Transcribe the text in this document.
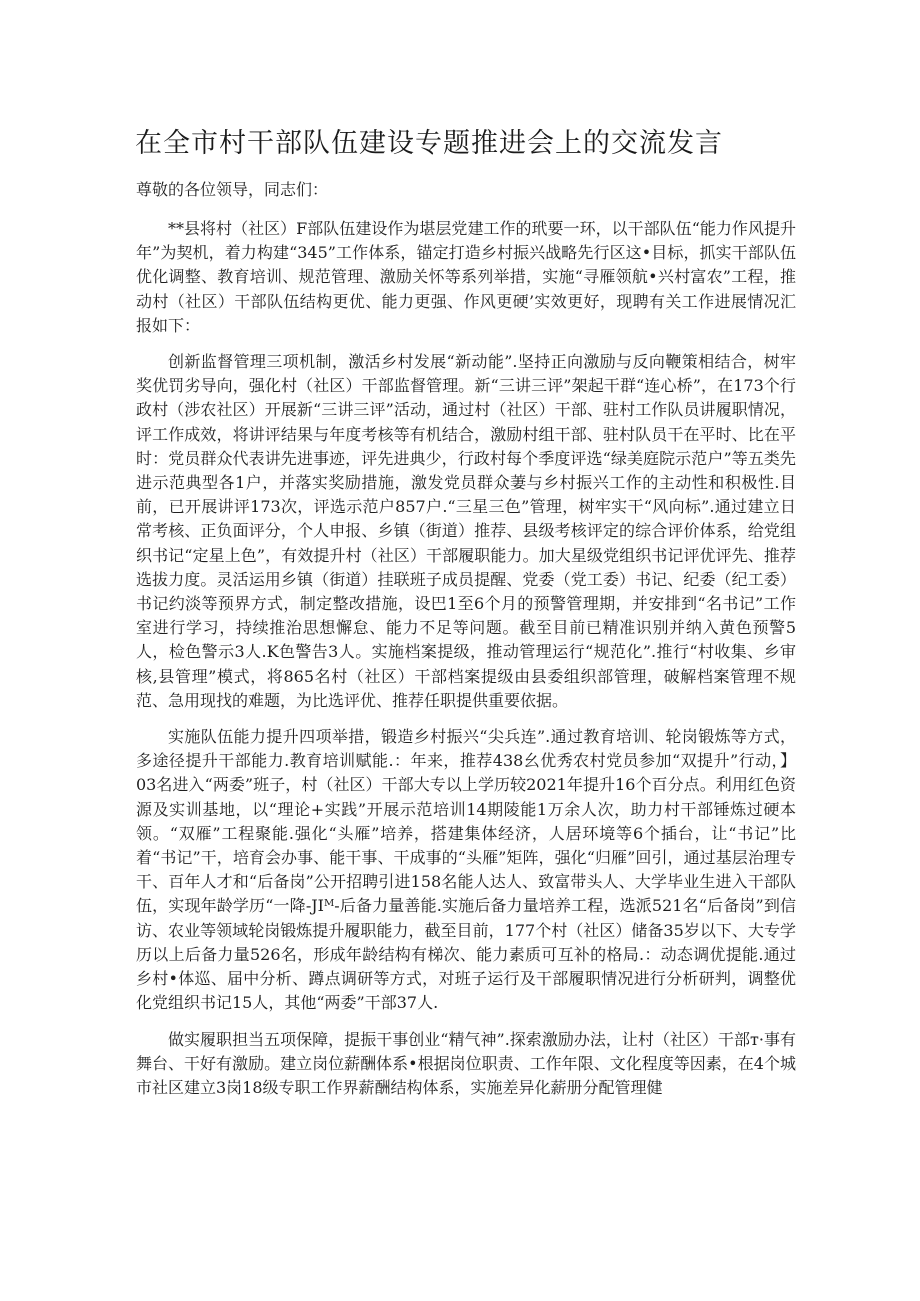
在全市村干部队伍建设专题推进会上的交流发言

尊敬的各位领导，同志们：

**县将村（社区）F部队伍建设作为堪层党建工作的玳要一环，以干部队伍“能力作风提升年”为契机，着力构建“345”工作体系，锚定打造乡村振兴战略先行区这•目标，抓实干部队伍优化调整、教育培训、规范管理、激励关怀等系列举措，实施“寻雁领航•兴村富农”工程，推动村（社区）干部队伍结构更优、能力更强、作风更硬’实效更好，现聘有关工作进展情况汇报如下：

创新监督管理三项机制，激活乡村发展“新动能”.坚持正向激励与反向鞭策相结合，树牢奖优罚劣导向，强化村（社区）干部监督管理。新“三讲三评”架起干群“连心桥”，在173个行政村（涉农社区）开展新“三讲三评”活动，通过村（社区）干部、驻村工作队员讲履职情况，评工作成效，将讲评结果与年度考核等有机结合，激励村组干部、驻村队员干在平时、比在平时：党员群众代表讲先进事迹，评先进典少，行政村每个季度评选“绿美庭院示范户”等五类先进示范典型各1户，并落实奖励措施，激发党员群众萋与乡村振兴工作的主动性和积极性.目前，已开展讲评173次，评选示范户857户.“三星三色”管理，树牢实干“风向标”.通过建立日常考核、正负面评分，个人申报、乡镇（街道）推荐、县级考核评定的综合评价体系，给党组织书记“定星上色”，有效提升村（社区）干部履职能力。加大星级党组织书记评优评先、推荐选拔力度。灵活运用乡镇（街道）挂联班子成员提醒、党委（党工委）书记、纪委（纪工委）书记约淡等预界方式，制定整改措施，设巴1至6个月的预警管理期，并安排到“名书记”工作室进行学习，持续推治思想懈怠、能力不足等问题。截至目前已精准识别并纳入黄色预警5人，检色警示3人.K色警告3人。实施档案提级，推动管理运行“规范化”.推行“村收集、乡审核,县管理”模式，将865名村（社区）干部档案提级由县委组织部管理，破解档案管理不规范、急用现找的难题，为比选评优、推荐任职提供重要依据。

实施队伍能力提升四项举措，锻造乡村振兴“尖兵连”.通过教育培训、轮岗锻炼等方式，多途径提升干部能力.教育培训赋能.：年来，推荐438幺优秀农村党员参加“双提升”行动，】03名进入“两委”班子，村（社区）干部大专以上学历较2021年提升16个百分点。利用红色资源及实训基地，以“理论+实践”开展示范培训14期陵能1万余人次，助力村干部锤炼过硬本领。“双雁”工程聚能.强化“头雁”培养，搭建集体经济，人居环境等6个插台，让“书记”比着“书记”干，培育会办事、能干事、干成事的“头雁”矩阵，强化“归雁”回引，通过基层治理专干、百年人才和“后备岗”公开招聘引进158名能人达人、致富带头人、大学毕业生进入干部队伍，实现年龄学历“一降-JIᴹ-后备力量善能.实施后备力量培养工程，选派521名“后备岗”到信访、农业等领域轮岗锻炼提升履职能力，截至目前，177个村（社区）储备35岁以下、大专学历以上后备力量526名，形成年龄结构有梯次、能力素质可互补的格局.：动态调优提能.通过乡村•体巡、届中分析、蹲点调研等方式，对班子运行及干部履职情况进行分析研判，调整优化党组织书记15人，其他“两委”干部37人.

做实履职担当五项保障，提振干事创业“精气神”.探索激励办法，让村（社区）干部т·事有舞台、干好有激励。建立岗位薪酬体系•根据岗位职责、工作年限、文化程度等因素，在4个城市社区建立3岗18级专职工作界薪酬结构体系，实施差异化薪册分配管理健
